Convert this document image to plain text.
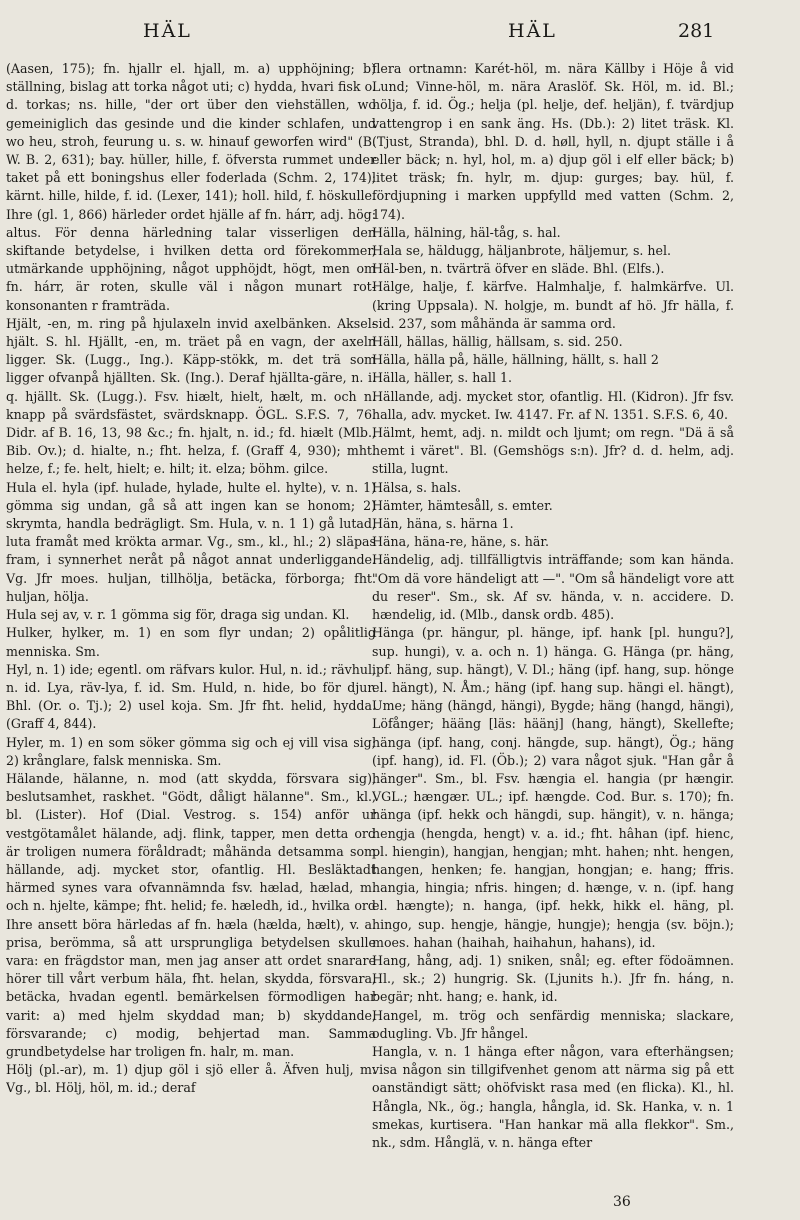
HÄL	HÄL	281

(Aasen, 175); fn. hjallr el. hjall, m. a) upphöjning; b) ställning, bislag att torka något uti; c) hydda, hvari fisk o. d. torkas; ns. hille, "der ort über den viehställen, wo gemeiniglich das gesinde und die kinder schlafen, und wo heu, stroh, feurung u. s. w. hinauf geworfen wird" (B. W. B. 2, 631); bay. hüller, hille, f. öfversta rummet under taket på ett boningshus eller foderlada (Schm. 2, 174); kärnt. hille, hilde, f. id. (Lexer, 141); holl. hild, f. höskulle. Ihre (gl. 1, 866) härleder ordet hjälle af fn. hárr, adj. hög: altus. För denna härledning talar visserligen den skiftande betydelse, i hvilken detta ord förekommer, utmärkande upphöjning, något upphöjdt, högt, men om fn. hárr, är roten, skulle väl i någon munart rot-konsonanten r framträda.

Hjält, -en, m. ring på hjulaxeln invid axelbänken. Aksel-hjält. S. hl. Hjällt, -en, m. träet på en vagn, der axeln ligger. Sk. (Lugg., Ing.). Käpp-stökk, m. det trä som ligger ofvanpå hjällten. Sk. (Ing.). Deraf hjällta-gäre, n. i. q. hjällt. Sk. (Lugg.). Fsv. hiælt, hielt, hælt, m. och n. knapp på svärdsfästet, svärdsknapp. ÖGL. S.F.S. 7, 76. Didr. af B. 16, 13, 98 &c.; fn. hjalt, n. id.; fd. hiælt (Mlb., Bib. Ov.); d. hialte, n.; fht. helza, f. (Graff 4, 930); mht. helze, f.; fe. helt, hielt; e. hilt; it. elza; böhm. gilce.

Hula el. hyla (ipf. hulade, hylade, hulte el. hylte), v. n. 1) gömma sig undan, gå så att ingen kan se honom; 2) skrymta, handla bedrägligt. Sm. Hula, v. n. 1 1) gå lutad, luta framåt med krökta armar. Vg., sm., kl., hl.; 2) släpas fram, i synnerhet neråt på något annat underliggande. Vg. Jfr moes. huljan, tillhölja, betäcka, förborga; fht. huljan, hölja.

Hula sej av, v. r. 1 gömma sig för, draga sig undan. Kl.

Hulker, hylker, m. 1) en som flyr undan; 2) opålitlig menniska. Sm.

Hyl, n. 1) ide; egentl. om räfvars kulor. Hul, n. id.; rävhul, n. id. Lya, räv-lya, f. id. Sm. Huld, n. hide, bo för djur. Bhl. (Or. o. Tj.); 2) usel koja. Sm. Jfr fht. helid, hydda. (Graff 4, 844).

Hyler, m. 1) en som söker gömma sig och ej vill visa sig; 2) krånglare, falsk menniska. Sm.

Hälande, hälanne, n. mod (att skydda, försvara sig), beslutsamhet, raskhet. "Gödt, dåligt hälanne". Sm., kl., bl. (Lister). Hof (Dial. Vestrog. s. 154) anför ur vestgötamålet hälande, adj. flink, tapper, men detta ord är troligen numera föråldradt; måhända detsamma som hällande, adj. mycket stor, ofantlig. Hl. Besläktadt härmed synes vara ofvannämnda fsv. hælad, hælad, m. och n. hjelte, kämpe; fht. helid; fe. hæledh, id., hvilka ord Ihre ansett böra härledas af fn. hæla (hælda, hælt), v. a. prisa, berömma, så att ursprungliga betydelsen skulle vara: en frägdstor man, men jag anser att ordet snarare hörer till vårt verbum häla, fht. helan, skydda, försvara, betäcka, hvadan egentl. bemärkelsen förmodligen har varit: a) med hjelm skyddad man; b) skyddande, försvarande; c) modig, behjertad man. Samma grundbetydelse har troligen fn. halr, m. man.

Hölj (pl.-ar), m. 1) djup göl i sjö eller å. Äfven hulj, m. Vg., bl. Hölj, höl, m. id.; deraf

flera ortnamn: Karét-höl, m. nära Källby i Höje å vid Lund; Vinne-höl, m. nära Araslöf. Sk. Höl, m. id. Bl.; hölja, f. id. Ög.; helja (pl. helje, def. heljän), f. tvärdjup vattengrop i en sank äng. Hs. (Db.): 2) litet träsk. Kl. (Tjust, Stranda), bhl. D. d. høll, hyll, n. djupt ställe i å eller bäck; n. hyl, hol, m. a) djup göl i elf eller bäck; b) litet träsk; fn. hylr, m. djup: gurges; bay. hül, f. fördjupning i marken uppfylld med vatten (Schm. 2, 174).

Hälla, hälning, häl-tåg, s. hal.

Hala se, häldugg, häljanbrote, häljemur, s. hel.

Häl-ben, n. tvärträ öfver en släde. Bhl. (Elfs.).

Hälge, halje, f. kärfve. Halmhalje, f. halmkärfve. Ul. (kring Uppsala). N. holgje, m. bundt af hö. Jfr hälla, f. sid. 237, som måhända är samma ord.

Häll, hällas, hällig, hällsam, s. sid. 250.

Hälla, hälla på, hälle, hällning, hällt, s. hall 2

Hälla, häller, s. hall 1.

Hällande, adj. mycket stor, ofantlig. Hl. (Kidron). Jfr fsv. halla, adv. mycket. Iw. 4147. Fr. af N. 1351. S.F.S. 6, 40.

Hälmt, hemt, adj. n. mildt och ljumt; om regn. "Dä ä så hemt i väret". Bl. (Gemshögs s:n). Jfr? d. d. helm, adj. stilla, lugnt.

Hälsa, s. hals.

Hämter, hämtesåll, s. emter.

Hän, häna, s. härna 1.

Häna, häna-re, häne, s. här.

Händelig, adj. tillfälligtvis inträffande; som kan hända. "Om dä vore händeligt att —". "Om så händeligt vore att du reser". Sm., sk. Af sv. hända, v. n. accidere. D. hændelig, id. (Mlb., dansk ordb. 485).

Hänga (pr. hängur, pl. hänge, ipf. hank [pl. hungu?], sup. hungi), v. a. och n. 1) hänga. G. Hänga (pr. häng, ipf. häng, sup. hängt), V. Dl.; häng (ipf. hang, sup. hönge el. hängt), N. Åm.; häng (ipf. hang sup. hängi el. hängt), Ume; häng (hängd, hängi), Bygde; häng (hangd, hängi), Löfånger; hääng [läs: häänj] (hang, hängt), Skellefte; hänga (ipf. hang, conj. hängde, sup. hängt), Ög.; häng (ipf. hang), id. Fl. (Öb.); 2) vara något sjuk. "Han går å hänger". Sm., bl. Fsv. hængia el. hangia (pr hængir. VGL.; hængær. UL.; ipf. hængde. Cod. Bur. s. 170); fn. hänga (ipf. hekk och hängdi, sup. hängit), v. n. hänga; hengja (hengda, hengt) v. a. id.; fht. hâhan (ipf. hienc, pl. hiengin), hangjan, hengjan; mht. hahen; nht. hengen, hangen, henken; fe. hangjan, hongjan; e. hang; ffris. hangia, hingia; nfris. hingen; d. hænge, v. n. (ipf. hang el. hængte); n. hanga, (ipf. hekk, hikk el. häng, pl. hingo, sup. hengje, hängje, hungje); hengja (sv. böjn.); moes. hahan (haihah, haihahun, hahans), id.

Hang, hång, adj. 1) sniken, snål; eg. efter födoämnen. Hl., sk.; 2) hungrig. Sk. (Ljunits h.). Jfr fn. háng, n. begär; nht. hang; e. hank, id.

Hangel, m. trög och senfärdig menniska; slackare, odugling. Vb. Jfr hångel.

Hangla, v. n. 1 hänga efter någon, vara efterhängsen; visa någon sin tillgifvenhet genom att närma sig på ett oanständigt sätt; ohöfviskt rasa med (en flicka). Kl., hl. Hångla, Nk., ög.; hangla, hångla, id. Sk. Hanka, v. n. 1 smekas, kurtisera. "Han hankar mä alla flekkor". Sm., nk., sdm. Hånglä, v. n. hänga efter

36
